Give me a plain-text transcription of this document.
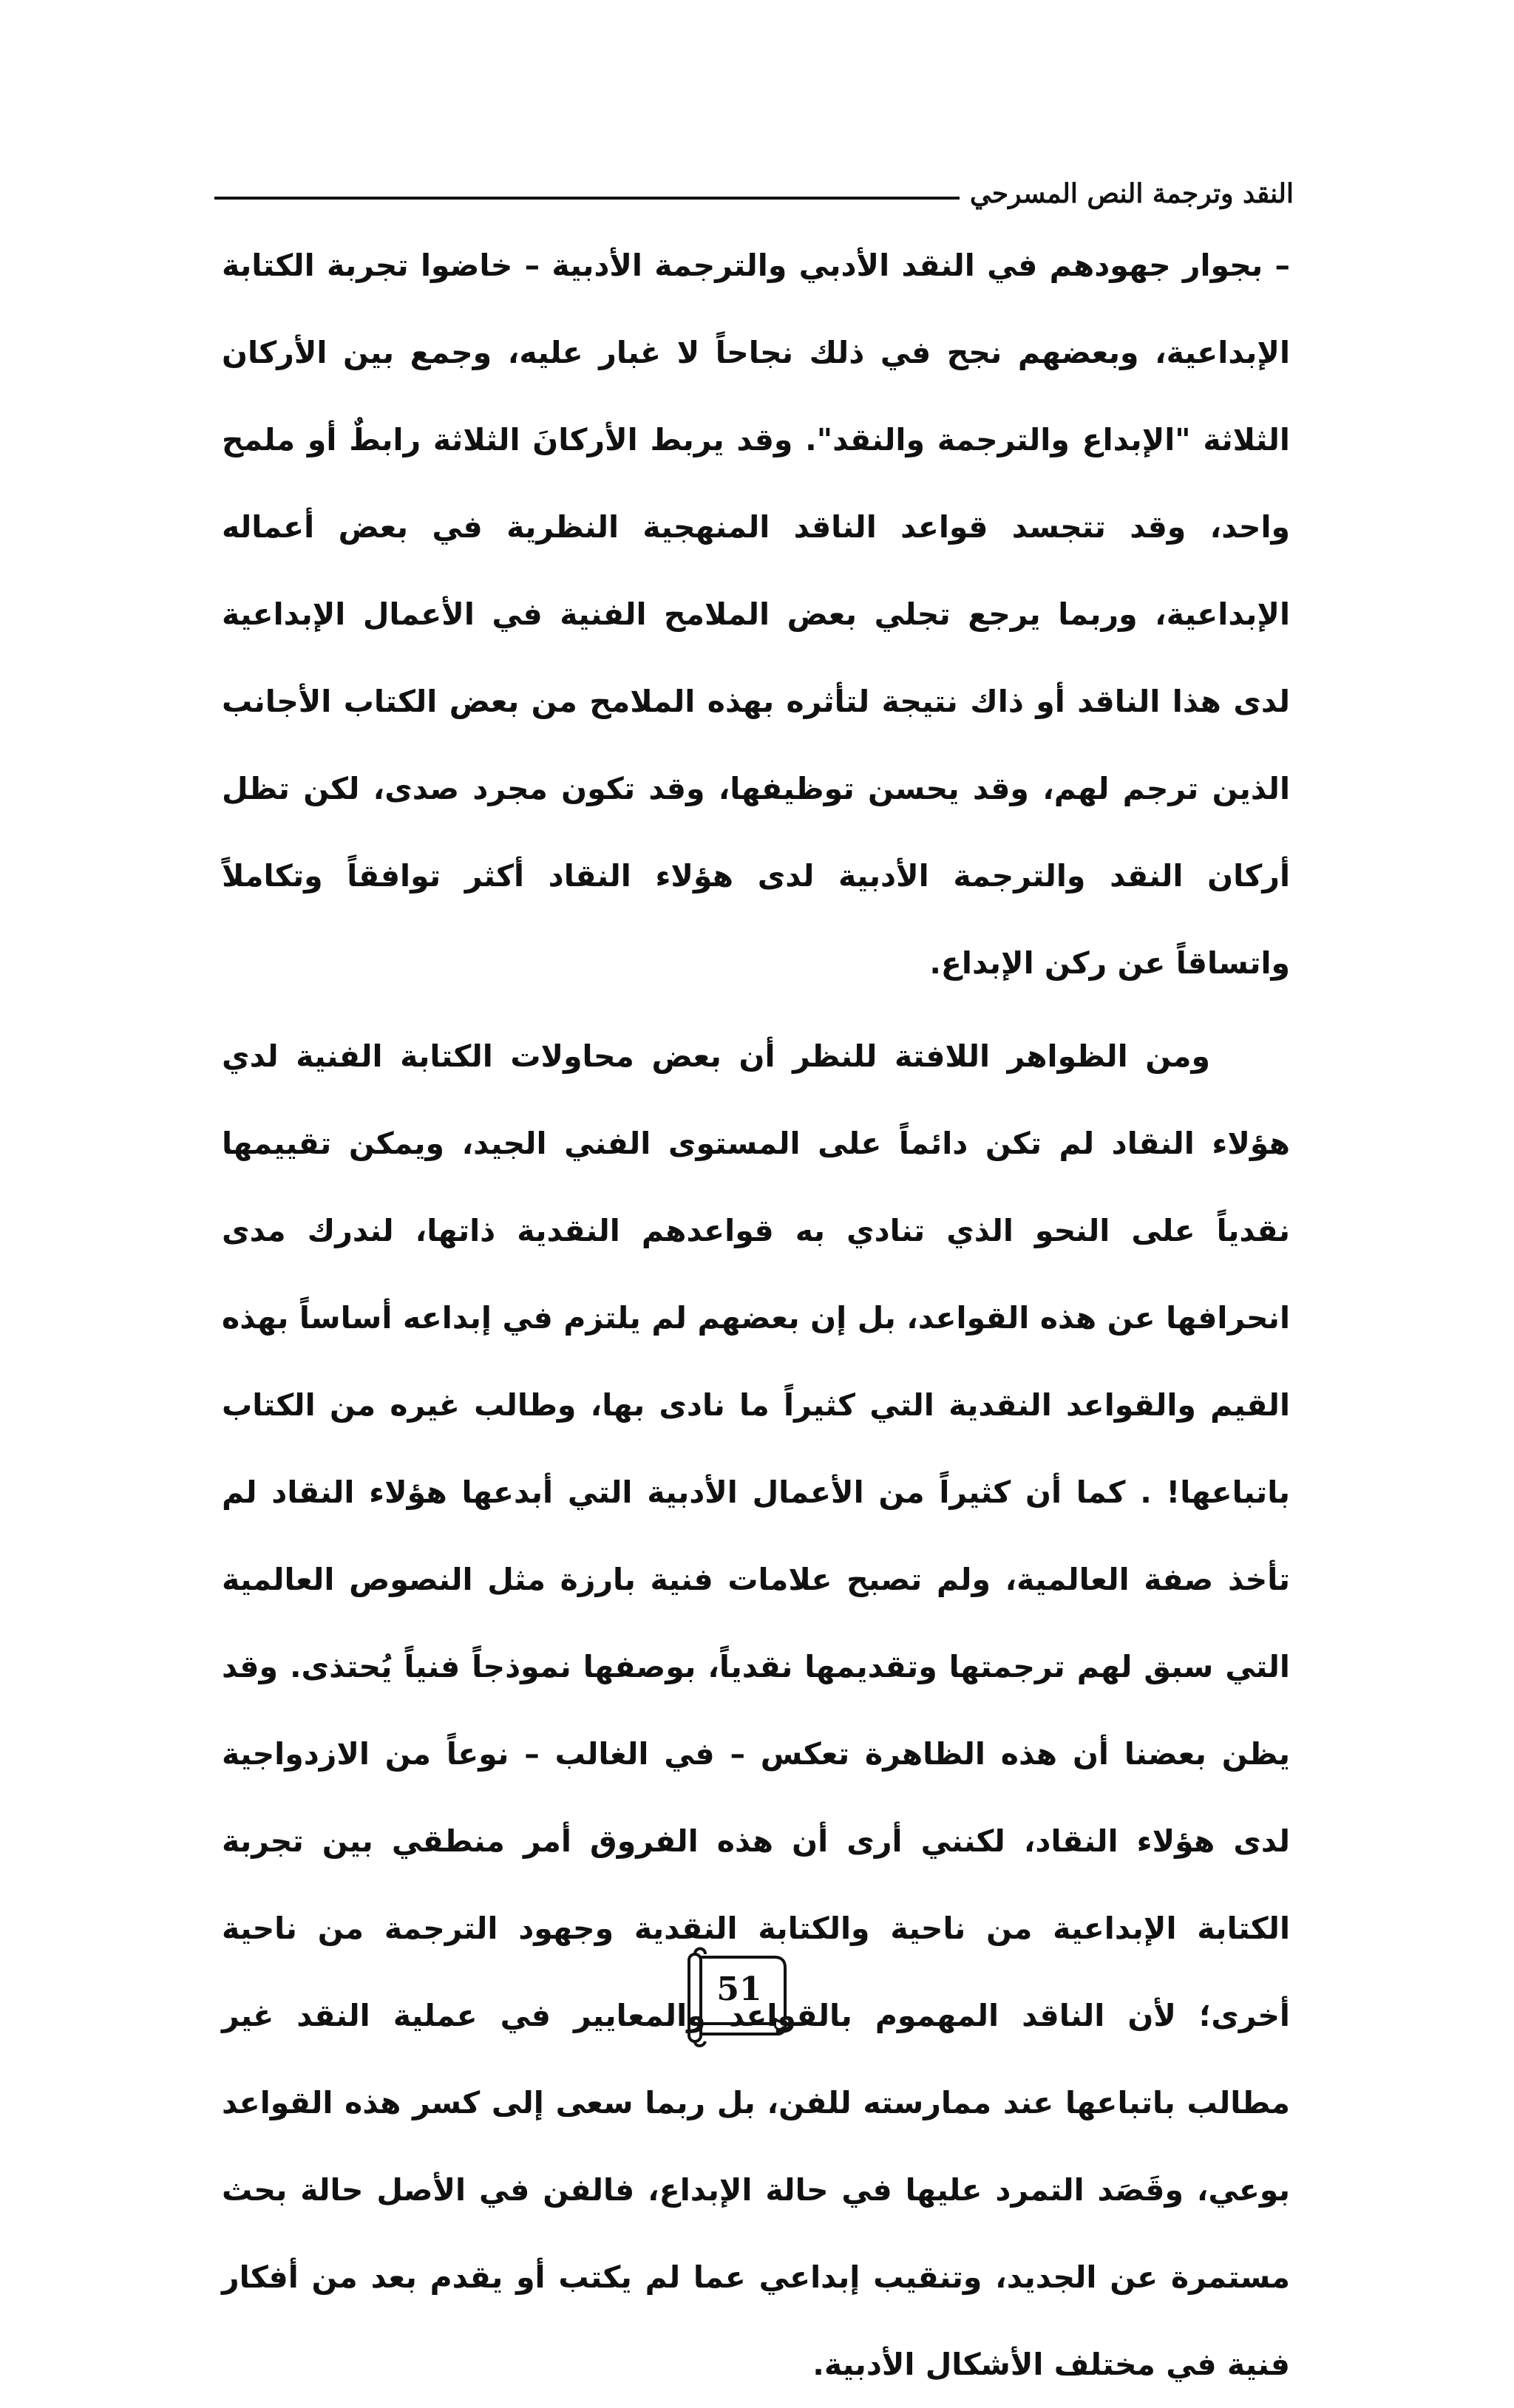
النقد وترجمة النص المسرحي

– بجوار جهودهم في النقد الأدبي والترجمة الأدبية – خاضوا تجربة الكتابة الإبداعية، وبعضهم نجح في ذلك نجاحاً لا غبار عليه، وجمع بين الأركان الثلاثة "الإبداع والترجمة والنقد". وقد يربط الأركانَ الثلاثة رابطٌ أو ملمح واحد، وقد تتجسد قواعد الناقد المنهجية النظرية في بعض أعماله الإبداعية، وربما يرجع تجلي بعض الملامح الفنية في الأعمال الإبداعية لدى هذا الناقد أو ذاك نتيجة لتأثره بهذه الملامح من بعض الكتاب الأجانب الذين ترجم لهم، وقد يحسن توظيفها، وقد تكون مجرد صدى، لكن تظل أركان النقد والترجمة الأدبية لدى هؤلاء النقاد أكثر توافقاً وتكاملاً واتساقاً عن ركن الإبداع.

ومن الظواهر اللافتة للنظر أن بعض محاولات الكتابة الفنية لدي هؤلاء النقاد لم تكن دائماً على المستوى الفني الجيد، ويمكن تقييمها نقدياً على النحو الذي تنادي به قواعدهم النقدية ذاتها، لندرك مدى انحرافها عن هذه القواعد، بل إن بعضهم لم يلتزم في إبداعه أساساً بهذه القيم والقواعد النقدية التي كثيراً ما نادى بها، وطالب غيره من الكتاب باتباعها! . كما أن كثيراً من الأعمال الأدبية التي أبدعها هؤلاء النقاد لم تأخذ صفة العالمية، ولم تصبح علامات فنية بارزة مثل النصوص العالمية التي سبق لهم ترجمتها وتقديمها نقدياً، بوصفها نموذجاً فنياً يُحتذى. وقد يظن بعضنا أن هذه الظاهرة تعكس – في الغالب – نوعاً من الازدواجية لدى هؤلاء النقاد، لكنني أرى أن هذه الفروق أمر منطقي بين تجربة الكتابة الإبداعية من ناحية والكتابة النقدية وجهود الترجمة من ناحية أخرى؛ لأن الناقد المهموم بالقواعد والمعايير في عملية النقد غير مطالب باتباعها عند ممارسته للفن، بل ربما سعى إلى كسر هذه القواعد بوعي، وقَصَد التمرد عليها في حالة الإبداع، فالفن في الأصل حالة بحث مستمرة عن الجديد، وتنقيب إبداعي عما لم يكتب أو يقدم بعد من أفكار فنية في مختلف الأشكال الأدبية.

51
